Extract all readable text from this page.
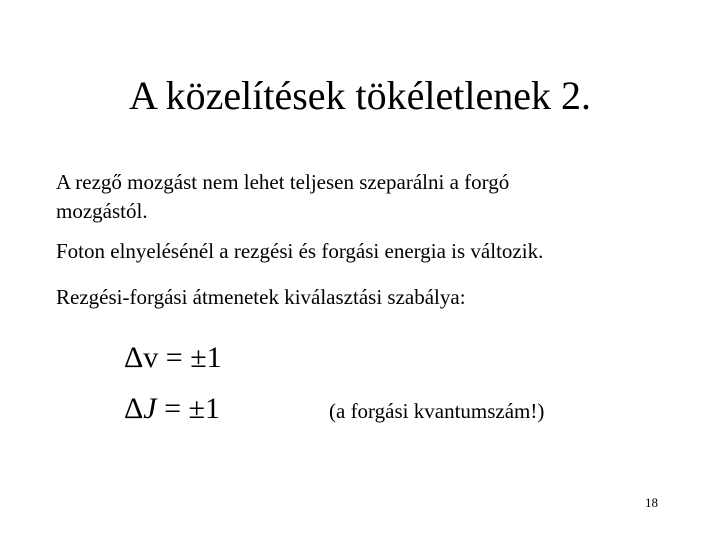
A közelítések tökéletlenek 2.
A rezgő mozgást nem lehet teljesen szeparálni a forgó
mozgástól.
Foton elnyelésénél a rezgési és forgási energia is változik.
Rezgési-forgási átmenetek kiválasztási szabálya:
Δv = ±1
ΔJ = ±1	(a forgási kvantumszám!)
18
